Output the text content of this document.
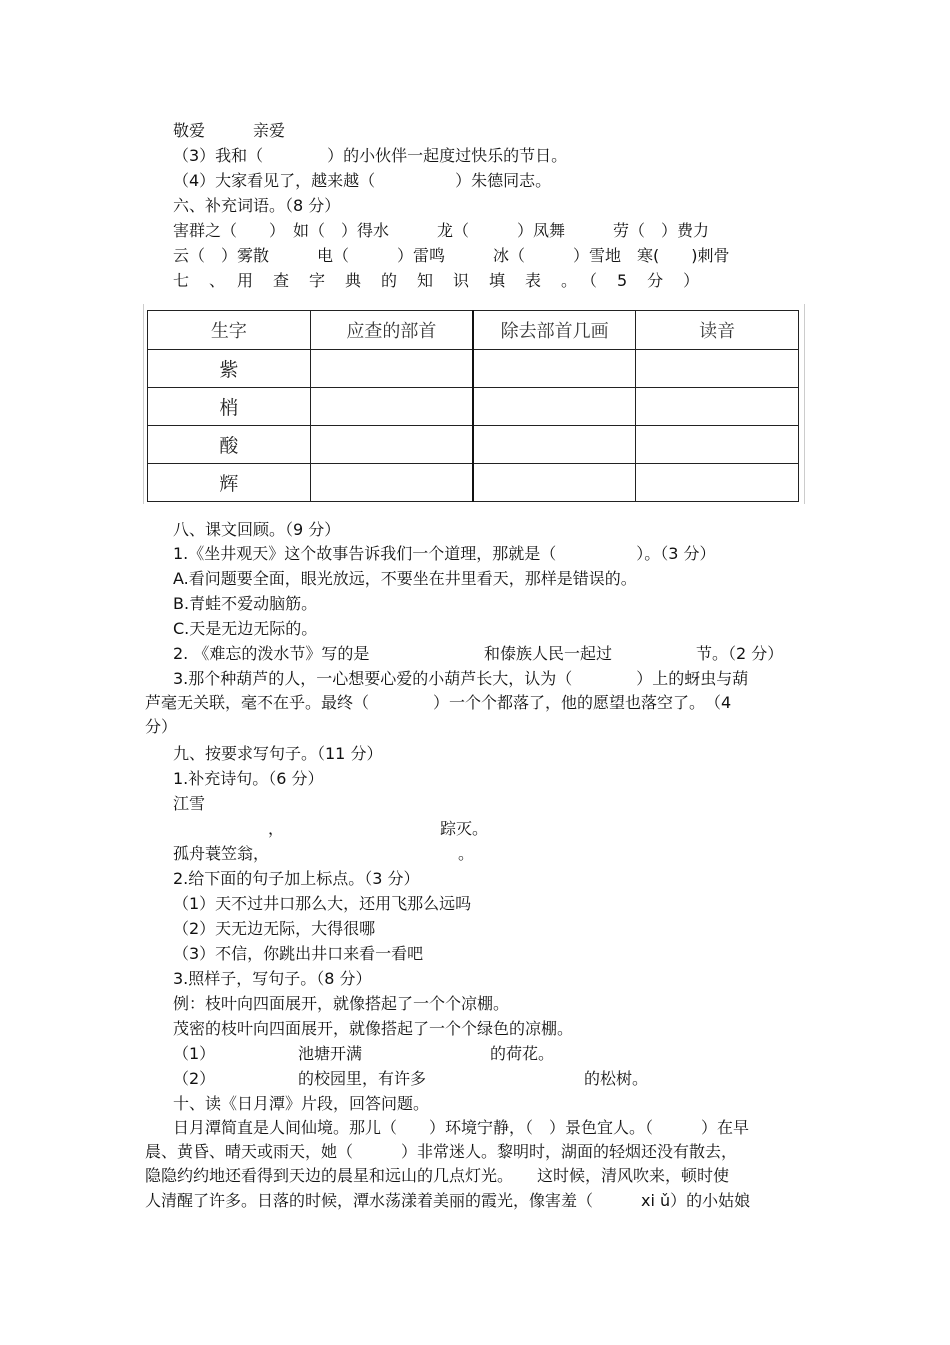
敬爱　　　亲爱
（3）我和（　　　　）的小伙伴一起度过快乐的节日。
（4）大家看见了，越来越（　　　　　）朱德同志。
六、补充词语。（8 分）
害群之（　　）　如（　）得水　　　龙（　　　）凤舞　　　劳（　）费力
云（　）雾散　　　电（　　　）雷鸣　　　冰（　　　）雪地　寒(　　)刺骨
七　、　用　查　字　典　的　知　识　填　表　。　（　5　分　）
生字	应查的部首	除去部首几画	读音
紫			
梢			
酸			
辉			
八、课文回顾。（9 分）
1.《坐井观天》这个故事告诉我们一个道理，那就是（　　　　　）。（3 分）
A.看问题要全面，眼光放远，不要坐在井里看天，那样是错误的。
B.青蛙不爱动脑筋。
C.天是无边无际的。
2. 《难忘的泼水节》写的是	和傣族人民一起过	节。（2 分）
3.那个种葫芦的人，一心想要心爱的小葫芦长大，认为（　　　　）上的蚜虫与葫
芦毫无关联，毫不在乎。最终（　　　　）一个个都落了，他的愿望也落空了。　（4
分）
九、按要求写句子。（11 分）
1.补充诗句。（6 分）
江雪
，	踪灭。
孤舟蓑笠翁，	。
2.给下面的句子加上标点。（3 分）
（1）天不过井口那么大，还用飞那么远吗
（2）天无边无际，大得很哪
（3）不信，你跳出井口来看一看吧
3.照样子，写句子。（8 分）
例：枝叶向四面展开，就像搭起了一个个凉棚。
茂密的枝叶向四面展开，就像搭起了一个个绿色的凉棚。
（1）	池塘开满	的荷花。
（2）	的校园里，有许多	的松树。
十、读《日月潭》片段，回答问题。
日月潭简直是人间仙境。那儿（　　）环境宁静，（　）景色宜人。（　　　）在早
晨、黄昏、晴天或雨天，她（　　　）非常迷人。黎明时，湖面的轻烟还没有散去，
隐隐约约地还看得到天边的晨星和远山的几点灯光。　　这时候，清风吹来，顿时使
人清醒了许多。日落的时候，潭水荡漾着美丽的霞光，像害羞（　　　xi ǔ）的小姑娘
